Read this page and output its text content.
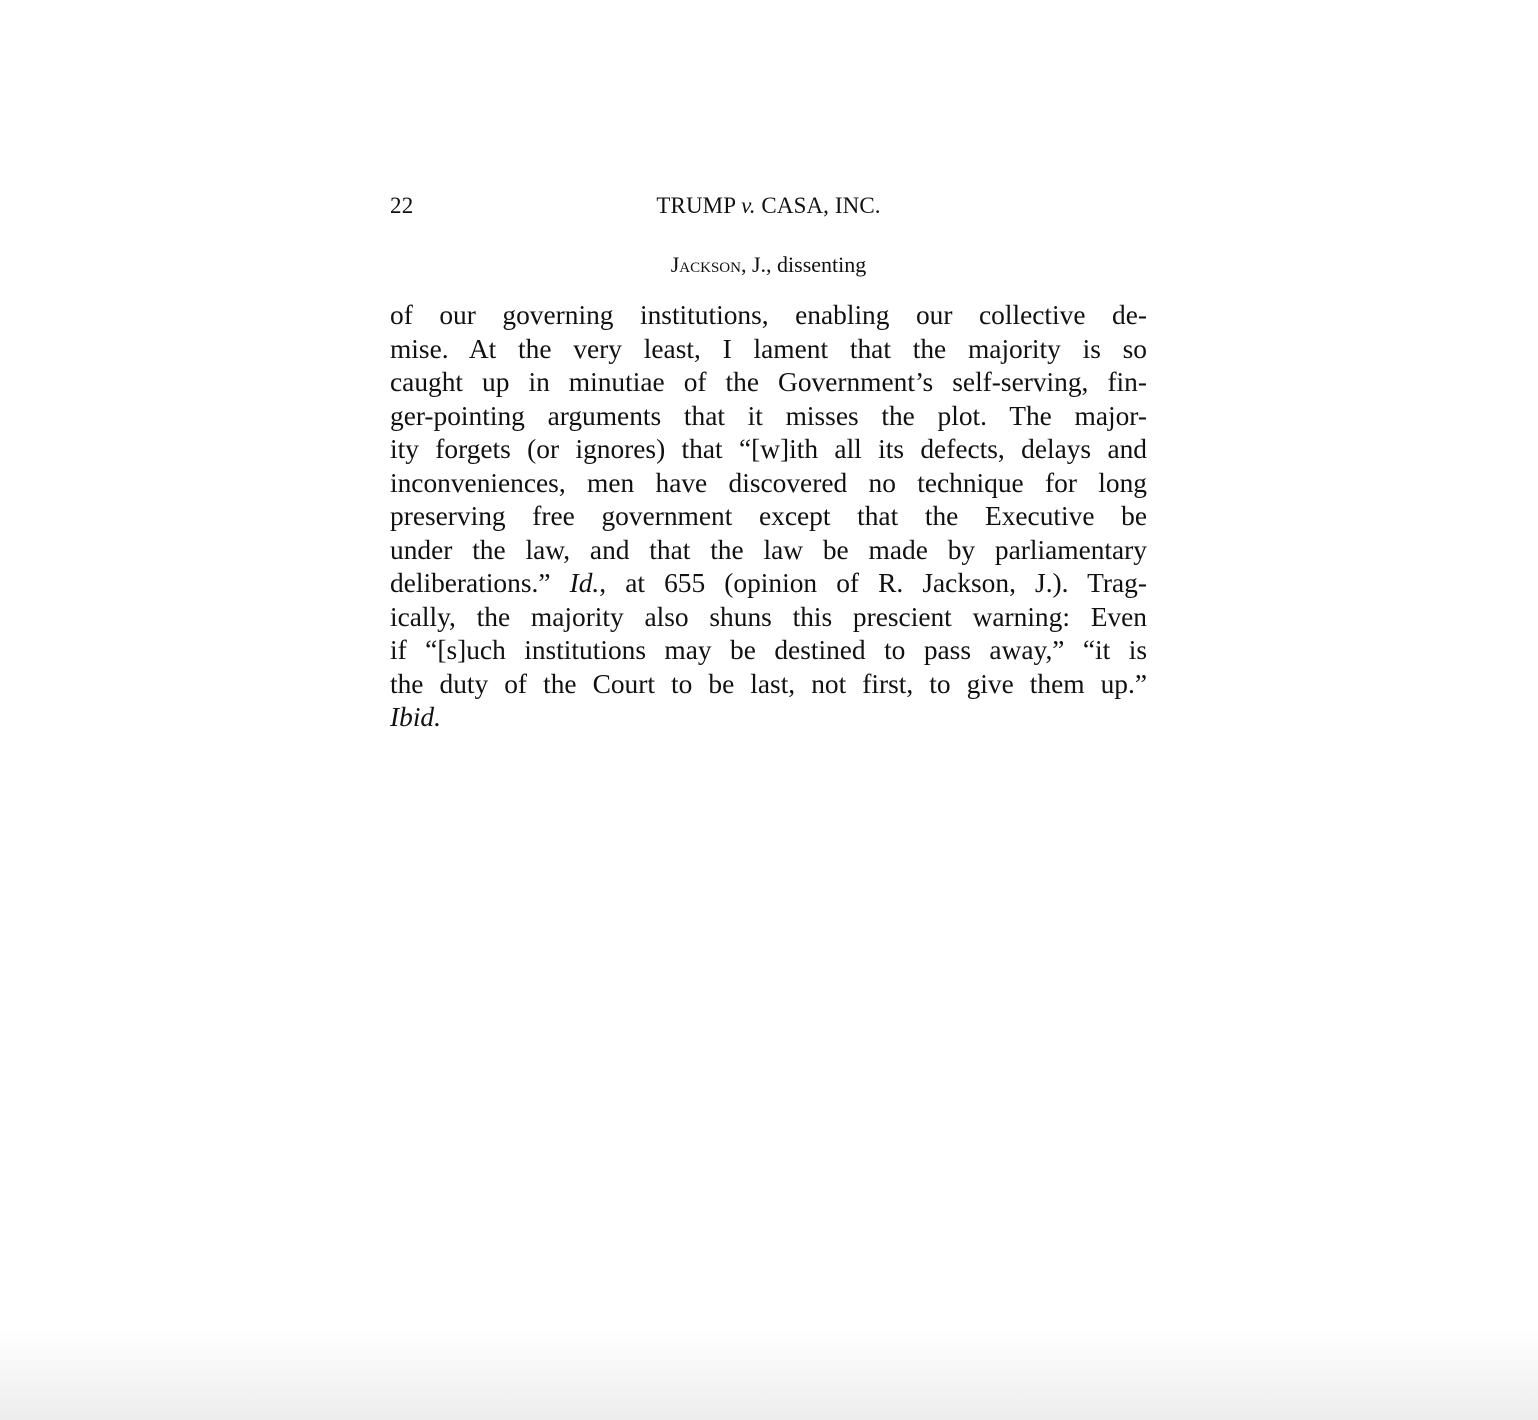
22	TRUMP v. CASA, INC.
Jackson, J., dissenting
of our governing institutions, enabling our collective de-
mise. At the very least, I lament that the majority is so
caught up in minutiae of the Government’s self-serving, fin-
ger-pointing arguments that it misses the plot. The major-
ity forgets (or ignores) that “[w]ith all its defects, delays and
inconveniences, men have discovered no technique for long
preserving free government except that the Executive be
under the law, and that the law be made by parliamentary
deliberations.” Id., at 655 (opinion of R. Jackson, J.). Trag-
ically, the majority also shuns this prescient warning: Even
if “[s]uch institutions may be destined to pass away,” “it is
the duty of the Court to be last, not first, to give them up.”
Ibid.
